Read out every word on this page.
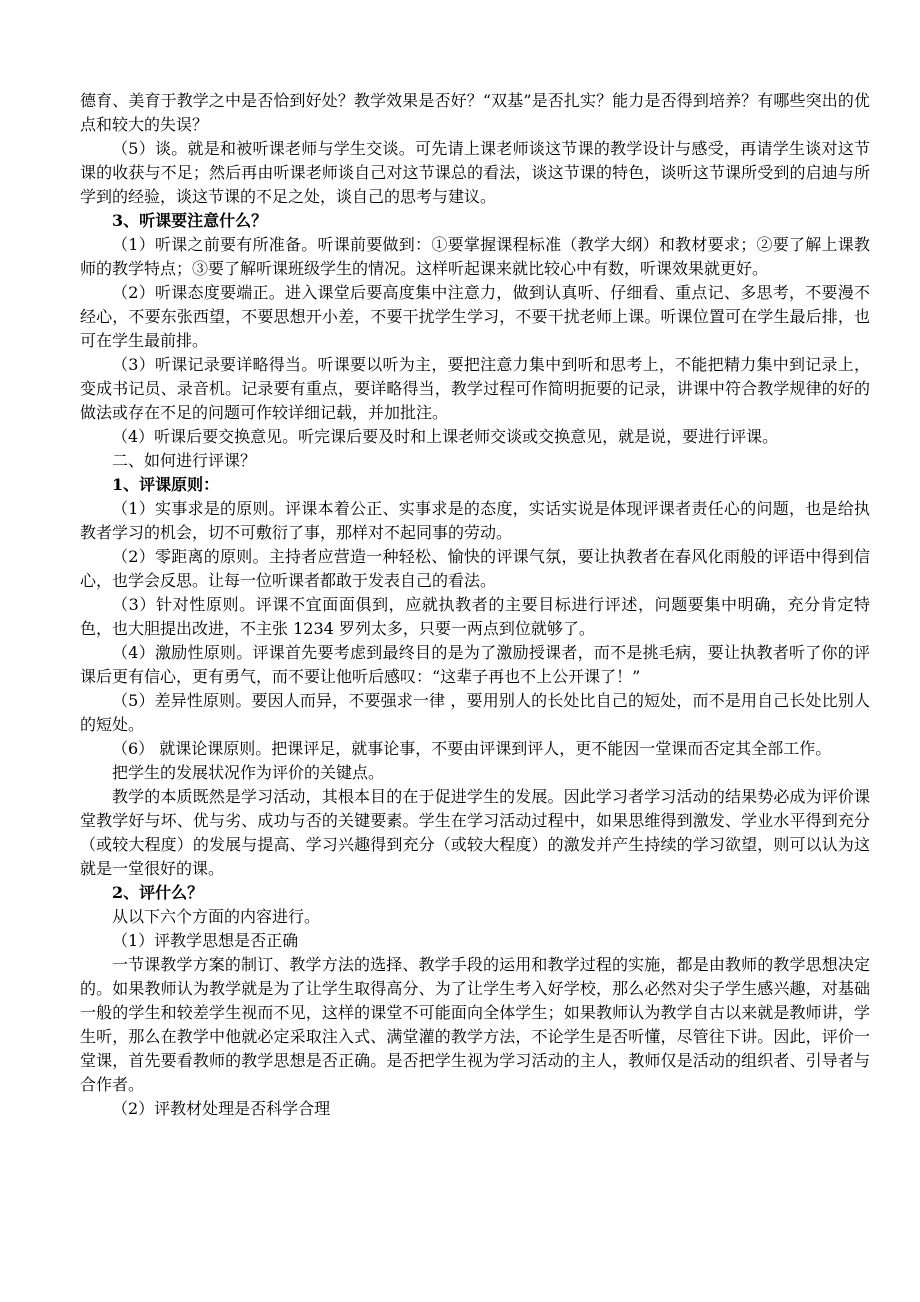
德育、美育于教学之中是否恰到好处？教学效果是否好？“双基”是否扎实？能力是否得到培养？有哪些突出的优点和较大的失误？

（5）谈。就是和被听课老师与学生交谈。可先请上课老师谈这节课的教学设计与感受，再请学生谈对这节课的收获与不足；然后再由听课老师谈自己对这节课总的看法，谈这节课的特色，谈听这节课所受到的启迪与所学到的经验，谈这节课的不足之处，谈自己的思考与建议。

3、听课要注意什么？

（1）听课之前要有所准备。听课前要做到：①要掌握课程标准（教学大纲）和教材要求；②要了解上课教师的教学特点；③要了解听课班级学生的情况。这样听起课来就比较心中有数，听课效果就更好。

（2）听课态度要端正。进入课堂后要高度集中注意力，做到认真听、仔细看、重点记、多思考，不要漫不经心，不要东张西望，不要思想开小差，不要干扰学生学习，不要干扰老师上课。听课位置可在学生最后排，也可在学生最前排。

（3）听课记录要详略得当。听课要以听为主，要把注意力集中到听和思考上，不能把精力集中到记录上，变成书记员、录音机。记录要有重点，要详略得当，教学过程可作简明扼要的记录，讲课中符合教学规律的好的做法或存在不足的问题可作较详细记载，并加批注。

（4）听课后要交换意见。听完课后要及时和上课老师交谈或交换意见，就是说，要进行评课。

二、如何进行评课？

1、评课原则：

（1）实事求是的原则。评课本着公正、实事求是的态度，实话实说是体现评课者责任心的问题，也是给执教者学习的机会，切不可敷衍了事，那样对不起同事的劳动。

（2）零距离的原则。主持者应营造一种轻松、愉快的评课气氛，要让执教者在春风化雨般的评语中得到信心，也学会反思。让每一位听课者都敢于发表自己的看法。

（3）针对性原则。评课不宜面面俱到，应就执教者的主要目标进行评述，问题要集中明确，充分肯定特色，也大胆提出改进，不主张 1234 罗列太多，只要一两点到位就够了。

（4）激励性原则。评课首先要考虑到最终目的是为了激励授课者，而不是挑毛病，要让执教者听了你的评课后更有信心，更有勇气，而不要让他听后感叹：“这辈子再也不上公开课了！”

（5）差异性原则。要因人而异，不要强求一律 ，要用别人的长处比自己的短处，而不是用自己长处比别人的短处。

（6） 就课论课原则。把课评足，就事论事，不要由评课到评人，更不能因一堂课而否定其全部工作。

把学生的发展状况作为评价的关键点。

教学的本质既然是学习活动，其根本目的在于促进学生的发展。因此学习者学习活动的结果势必成为评价课堂教学好与坏、优与劣、成功与否的关键要素。学生在学习活动过程中，如果思维得到激发、学业水平得到充分（或较大程度）的发展与提高、学习兴趣得到充分（或较大程度）的激发并产生持续的学习欲望，则可以认为这就是一堂很好的课。

2、评什么？

从以下六个方面的内容进行。

（1）评教学思想是否正确

一节课教学方案的制订、教学方法的选择、教学手段的运用和教学过程的实施，都是由教师的教学思想决定的。如果教师认为教学就是为了让学生取得高分、为了让学生考入好学校，那么必然对尖子学生感兴趣，对基础一般的学生和较差学生视而不见，这样的课堂不可能面向全体学生；如果教师认为教学自古以来就是教师讲，学生听，那么在教学中他就必定采取注入式、满堂灌的教学方法，不论学生是否听懂，尽管往下讲。因此，评价一堂课，首先要看教师的教学思想是否正确。是否把学生视为学习活动的主人，教师仅是活动的组织者、引导者与合作者。

（2）评教材处理是否科学合理
